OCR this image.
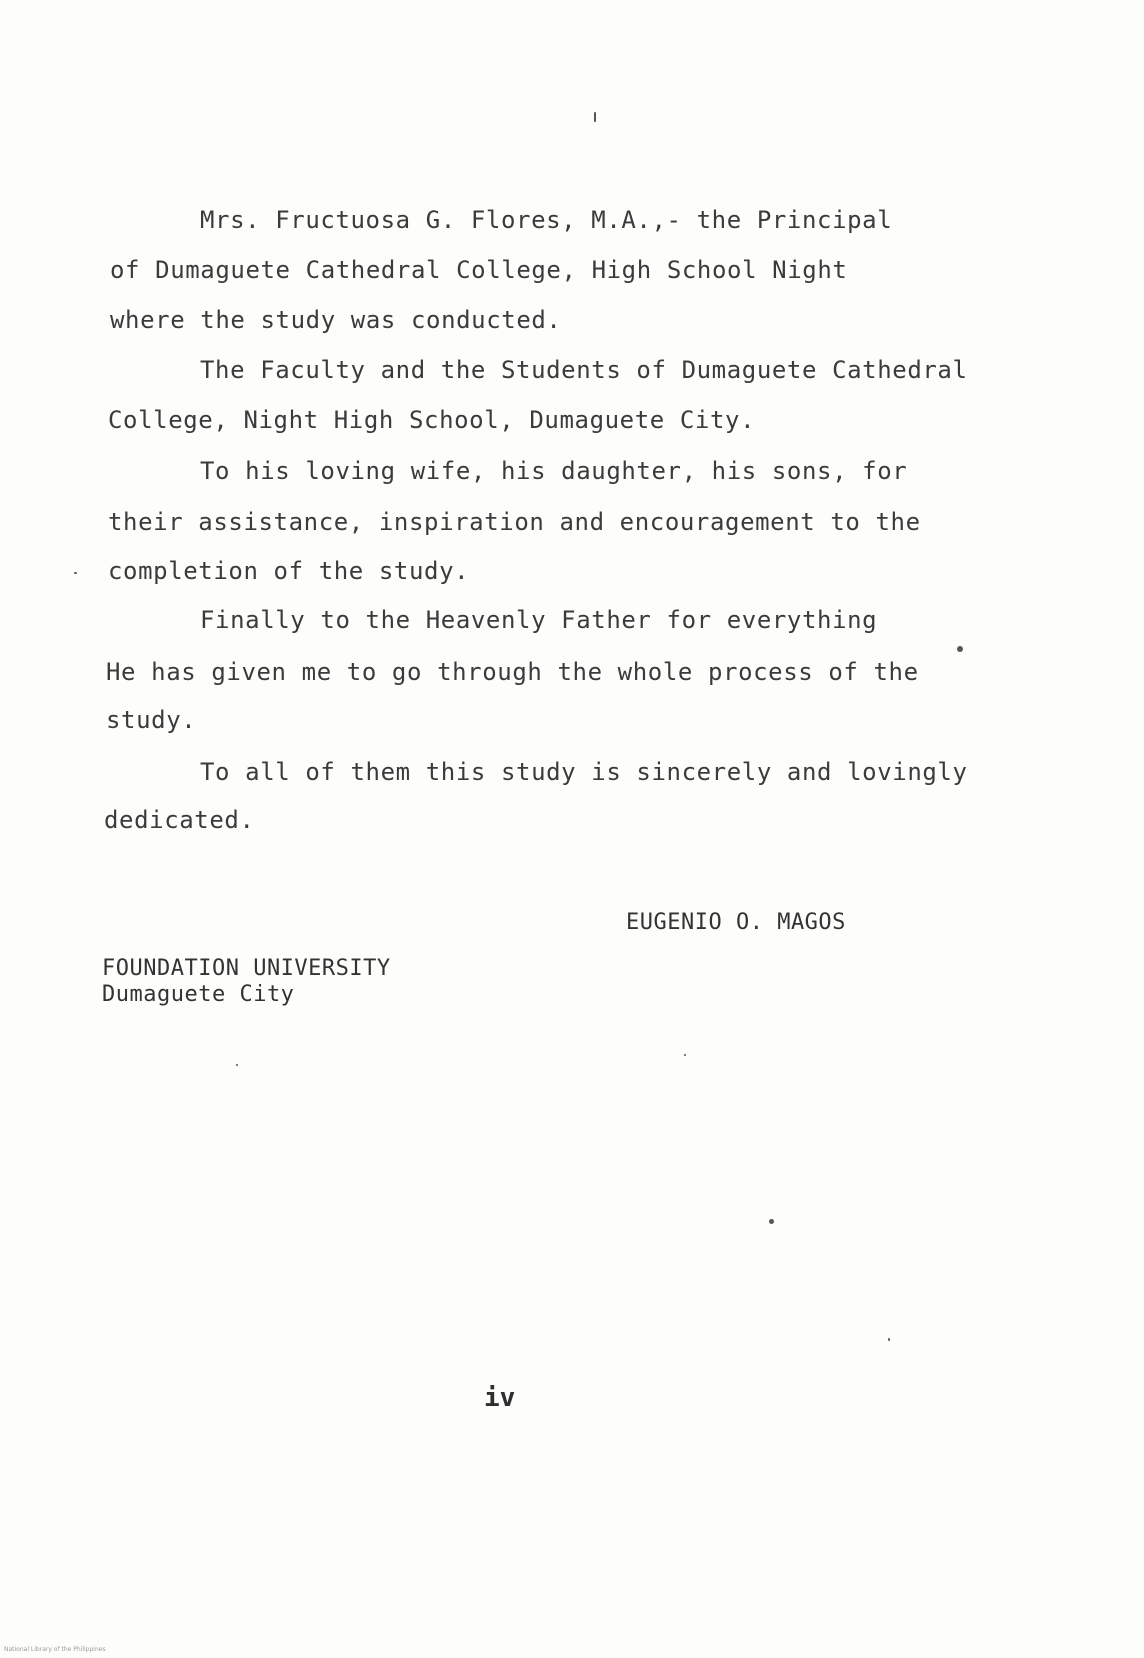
Mrs. Fructuosa G. Flores, M.A.,- the Principal
of Dumaguete Cathedral College, High School Night
where the study was conducted.
The Faculty and the Students of Dumaguete Cathedral
College, Night High School, Dumaguete City.
To his loving wife, his daughter, his sons, for
their assistance, inspiration and encouragement to the
completion of the study.
Finally to the Heavenly Father for everything
He has given me to go through the whole process of the
study.
To all of them this study is sincerely and lovingly
dedicated.
EUGENIO O. MAGOS
FOUNDATION UNIVERSITY
Dumaguete City
iv
National Library of the Philippines
